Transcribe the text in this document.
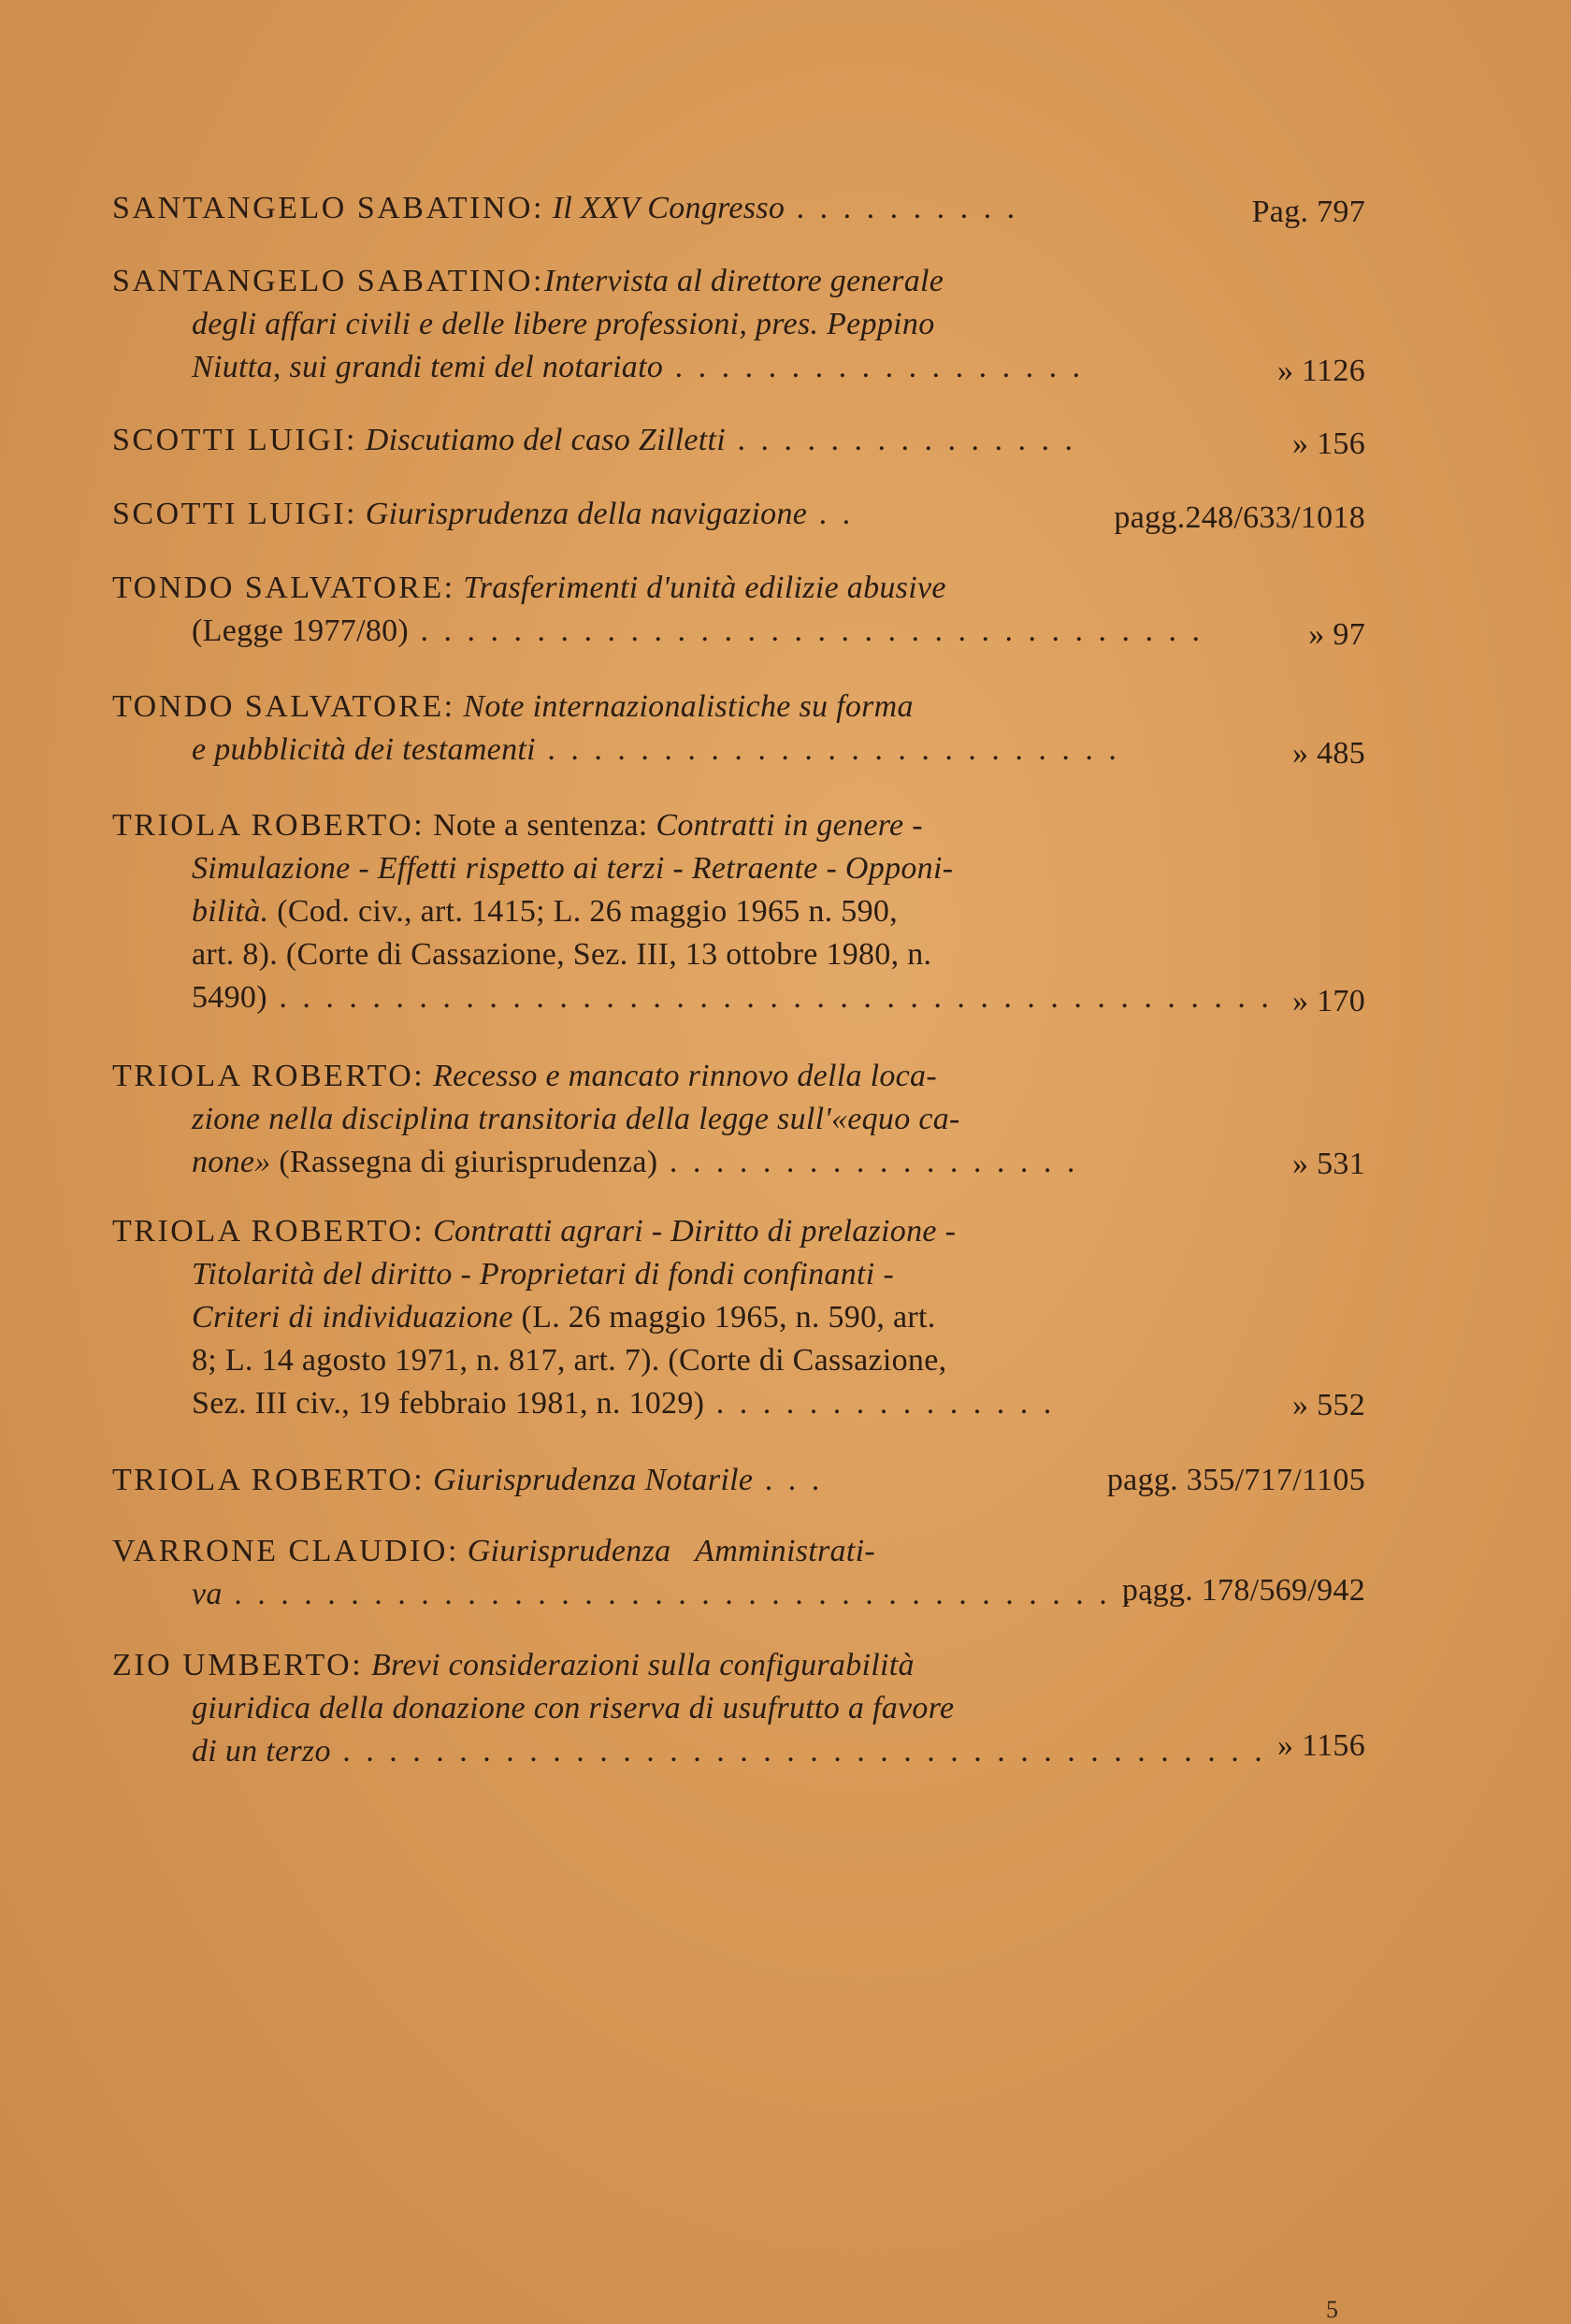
SANTANGELO SABATINO: Il XXV Congresso . . . . . . . . . .	Pag. 797
SANTANGELO SABATINO:Intervista al direttore generale
degli affari civili e delle libere professioni, pres. Peppino
Niutta, sui grandi temi del notariato . . . . . . . . . . . . . . . . . .	» 1126
SCOTTI LUIGI: Discutiamo del caso Zilletti . . . . . . . . . . . . . . .	» 156
SCOTTI LUIGI: Giurisprudenza della navigazione . .	pagg.248/633/1018
TONDO SALVATORE: Trasferimenti d'unità edilizie abusive
(Legge 1977/80) . . . . . . . . . . . . . . . . . . . . . . . . . . . . . . . . . .	» 97
TONDO SALVATORE: Note internazionalistiche su forma
e pubblicità dei testamenti . . . . . . . . . . . . . . . . . . . . . . . . .	» 485
TRIOLA ROBERTO: Note a sentenza: Contratti in genere -
Simulazione - Effetti rispetto ai terzi - Retraente - Opponi-
bilità. (Cod. civ., art. 1415; L. 26 maggio 1965 n. 590,
art. 8). (Corte di Cassazione, Sez. III, 13 ottobre 1980, n.
5490) . . . . . . . . . . . . . . . . . . . . . . . . . . . . . . . . . . . . . . . . . . . » 170
TRIOLA ROBERTO: Recesso e mancato rinnovo della loca-
zione nella disciplina transitoria della legge sull'«equo ca-
none» (Rassegna di giurisprudenza) . . . . . . . . . . . . . . . . . .	» 531
TRIOLA ROBERTO: Contratti agrari - Diritto di prelazione -
Titolarità del diritto - Proprietari di fondi confinanti -
Criteri di individuazione (L. 26 maggio 1965, n. 590, art.
8; L. 14 agosto 1971, n. 817, art. 7). (Corte di Cassazione,
Sez. III civ., 19 febbraio 1981, n. 1029) . . . . . . . . . . . . . . .	» 552
TRIOLA ROBERTO: Giurisprudenza Notarile . . .	pagg. 355/717/1105
VARRONE CLAUDIO: Giurisprudenza   Amministrati-
va . . . . . . . . . . . . . . . . . . . . . . . . . . . . . . . . . . . . . . . .
pagg. 178/569/942
ZIO UMBERTO: Brevi considerazioni sulla configurabilità
giuridica della donazione con riserva di usufrutto a favore
di un terzo . . . . . . . . . . . . . . . . . . . . . . . . . . . . . . . . . . . . . . . . » 1156
5
